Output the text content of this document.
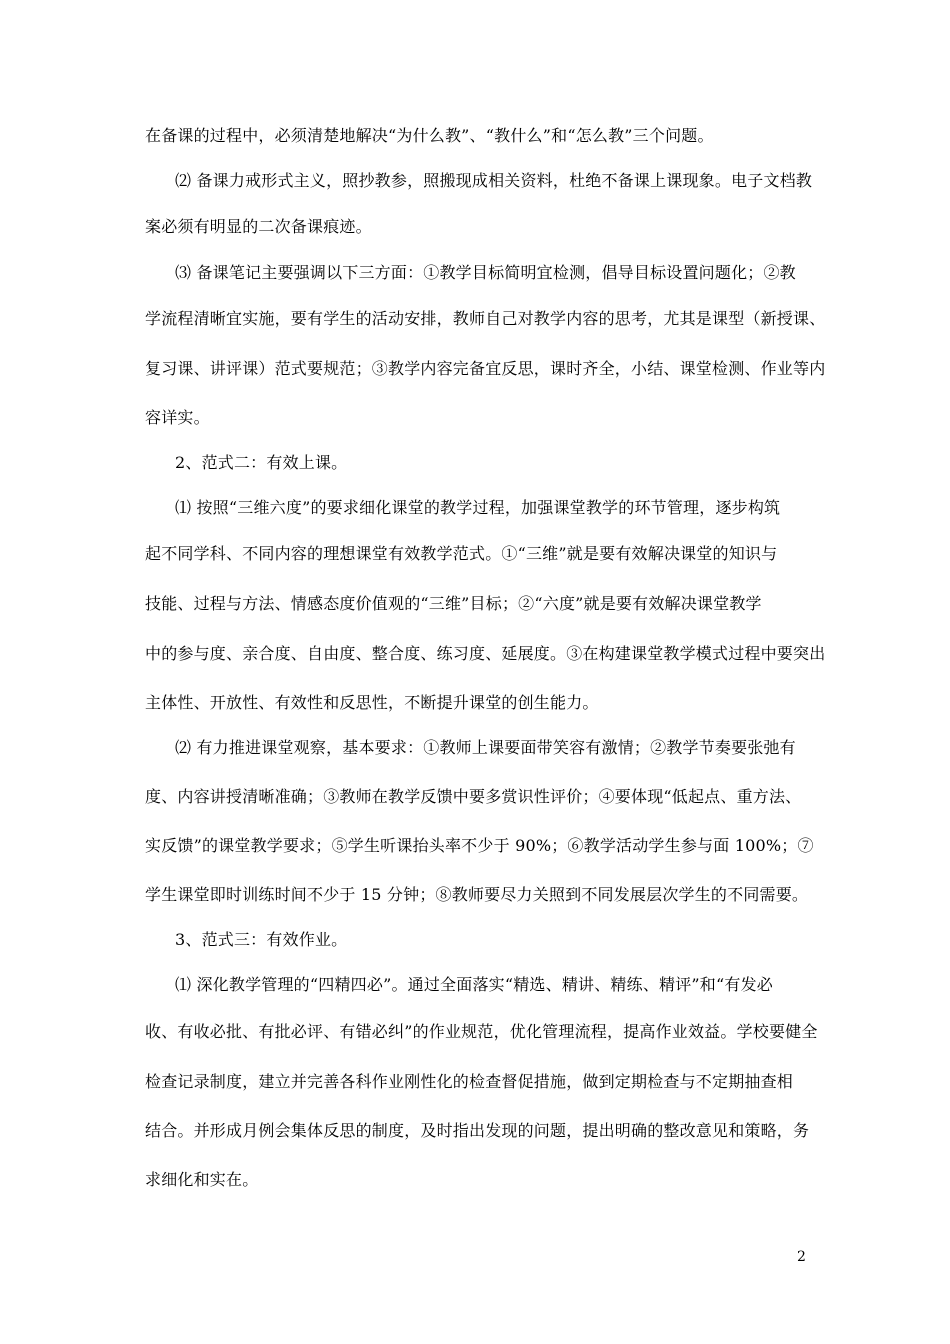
在备课的过程中，必须清楚地解决“为什么教”、“教什么”和“怎么教”三个问题。
⑵ 备课力戒形式主义，照抄教参，照搬现成相关资料，杜绝不备课上课现象。电子文档教
案必须有明显的二次备课痕迹。
⑶ 备课笔记主要强调以下三方面：①教学目标简明宜检测，倡导目标设置问题化；②教
学流程清晰宜实施，要有学生的活动安排，教师自己对教学内容的思考，尤其是课型（新授课、
复习课、讲评课）范式要规范；③教学内容完备宜反思，课时齐全，小结、课堂检测、作业等内
容详实。
2、范式二：有效上课。
⑴ 按照“三维六度”的要求细化课堂的教学过程，加强课堂教学的环节管理，逐步构筑
起不同学科、不同内容的理想课堂有效教学范式。①“三维”就是要有效解决课堂的知识与
技能、过程与方法、情感态度价值观的“三维”目标；②“六度”就是要有效解决课堂教学
中的参与度、亲合度、自由度、整合度、练习度、延展度。③在构建课堂教学模式过程中要突出
主体性、开放性、有效性和反思性，不断提升课堂的创生能力。
⑵ 有力推进课堂观察，基本要求：①教师上课要面带笑容有激情；②教学节奏要张弛有
度、内容讲授清晰准确；③教师在教学反馈中要多赏识性评价；④要体现“低起点、重方法、
实反馈”的课堂教学要求；⑤学生听课抬头率不少于 90%；⑥教学活动学生参与面 100%；⑦
学生课堂即时训练时间不少于 15 分钟；⑧教师要尽力关照到不同发展层次学生的不同需要。
3、范式三：有效作业。
⑴ 深化教学管理的“四精四必”。通过全面落实“精选、精讲、精练、精评”和“有发必
收、有收必批、有批必评、有错必纠”的作业规范，优化管理流程，提高作业效益。学校要健全
检查记录制度，建立并完善各科作业刚性化的检查督促措施，做到定期检查与不定期抽查相
结合。并形成月例会集体反思的制度，及时指出发现的问题，提出明确的整改意见和策略，务
求细化和实在。
2
